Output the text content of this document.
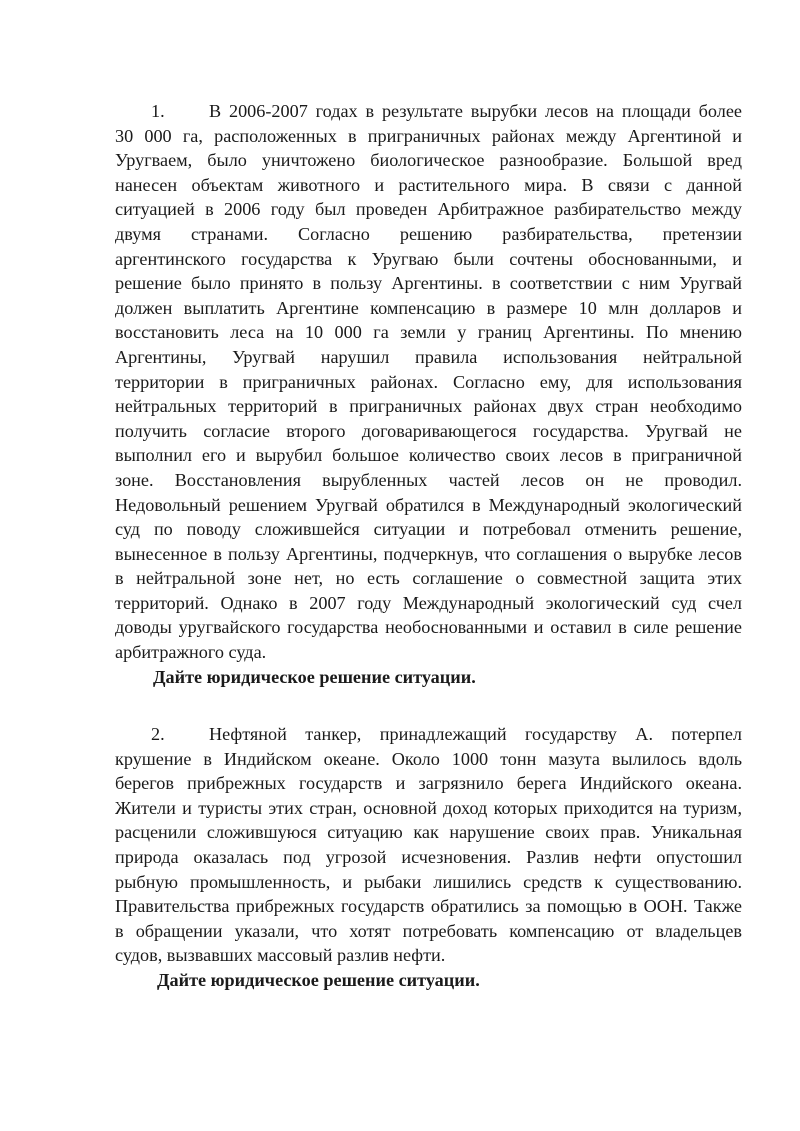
1. В 2006-2007 годах в результате вырубки лесов на площади более
30 000 га, расположенных в приграничных районах между Аргентиной и
Уругваем, было уничтожено биологическое разнообразие. Большой вред
нанесен объектам животного и растительного мира. В связи с данной
ситуацией в 2006 году был проведен Арбитражное разбирательство между
двумя странами. Согласно решению разбирательства, претензии
аргентинского государства к Уругваю были сочтены обоснованными, и
решение было принято в пользу Аргентины. в соответствии с ним Уругвай
должен выплатить Аргентине компенсацию в размере 10 млн долларов и
восстановить леса на 10 000 га земли у границ Аргентины. По мнению
Аргентины, Уругвай нарушил правила использования нейтральной
территории в приграничных районах. Согласно ему, для использования
нейтральных территорий в приграничных районах двух стран необходимо
получить согласие второго договаривающегося государства. Уругвай не
выполнил его и вырубил большое количество своих лесов в приграничной
зоне. Восстановления вырубленных частей лесов он не проводил.
Недовольный решением Уругвай обратился в Международный экологический
суд по поводу сложившейся ситуации и потребовал отменить решение,
вынесенное в пользу Аргентины, подчеркнув, что соглашения о вырубке лесов
в нейтральной зоне нет, но есть соглашение о совместной защита этих
территорий. Однако в 2007 году Международный экологический суд счел
доводы уругвайского государства необоснованными и оставил в силе решение
арбитражного суда.
Дайте юридическое решение ситуации.
2. Нефтяной танкер, принадлежащий государству А. потерпел
крушение в Индийском океане. Около 1000 тонн мазута вылилось вдоль
берегов прибрежных государств и загрязнило берега Индийского океана.
Жители и туристы этих стран, основной доход которых приходится на туризм,
расценили сложившуюся ситуацию как нарушение своих прав. Уникальная
природа оказалась под угрозой исчезновения. Разлив нефти опустошил
рыбную промышленность, и рыбаки лишились средств к существованию.
Правительства прибрежных государств обратились за помощью в ООН. Также
в обращении указали, что хотят потребовать компенсацию от владельцев
судов, вызвавших массовый разлив нефти.
Дайте юридическое решение ситуации.
